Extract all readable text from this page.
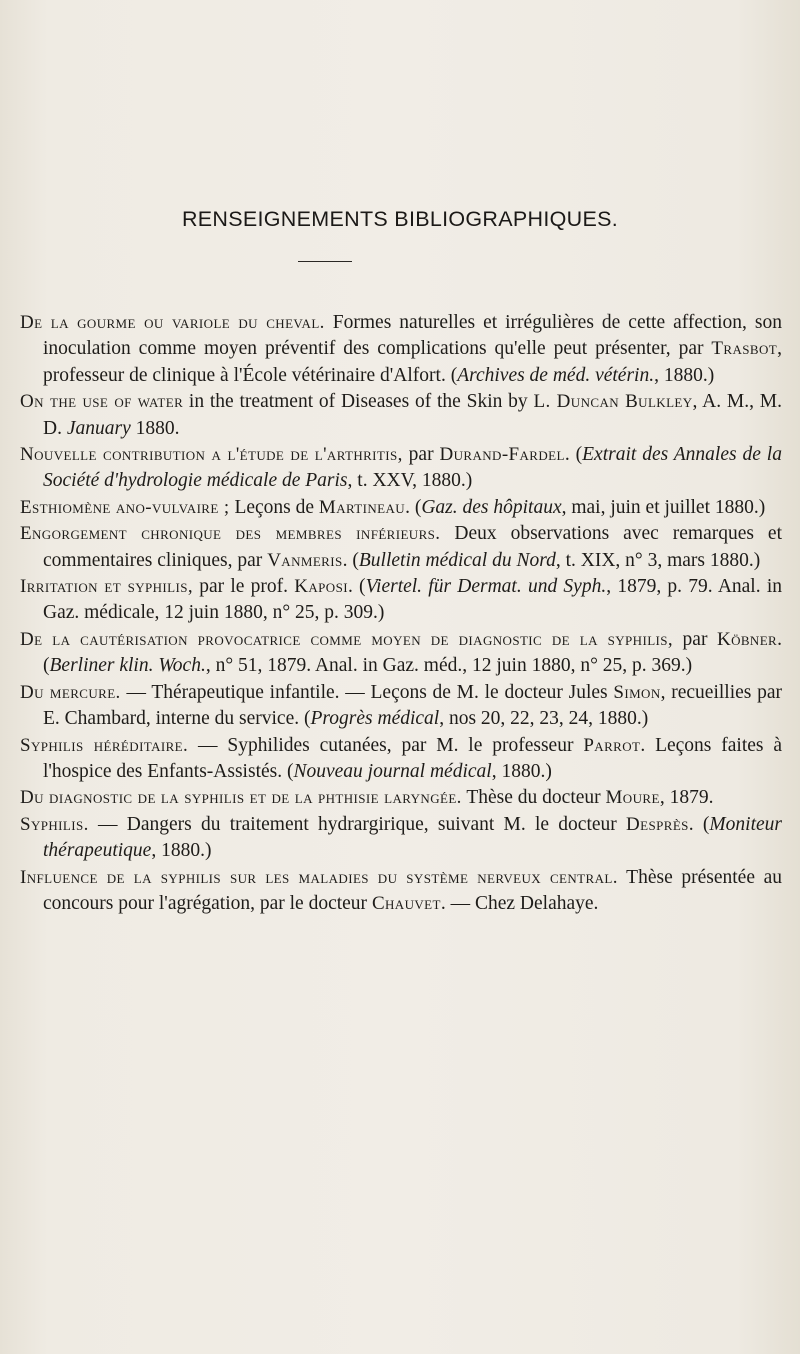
RENSEIGNEMENTS BIBLIOGRAPHIQUES.

De la gourme ou variole du cheval. Formes naturelles et irrégulières de cette affection, son inoculation comme moyen préventif des complications qu'elle peut présenter, par Trasbot, professeur de clinique à l'École vétérinaire d'Alfort. (Archives de méd. vétérin., 1880.)

On the use of water in the treatment of Diseases of the Skin by L. Duncan Bulkley, A. M., M. D. January 1880.

Nouvelle contribution a l'étude de l'arthritis, par Durand-Fardel. (Extrait des Annales de la Société d'hydrologie médicale de Paris, t. XXV, 1880.)

Esthiomène ano-vulvaire ; Leçons de Martineau. (Gaz. des hôpitaux, mai, juin et juillet 1880.)

Engorgement chronique des membres inférieurs. Deux observations avec remarques et commentaires cliniques, par Vanmeris. (Bulletin médical du Nord, t. XIX, n° 3, mars 1880.)

Irritation et syphilis, par le prof. Kaposi. (Viertel. für Dermat. und Syph., 1879, p. 79. Anal. in Gaz. médicale, 12 juin 1880, n° 25, p. 309.)

De la cautérisation provocatrice comme moyen de diagnostic de la syphilis, par Köbner. (Berliner klin. Woch., n° 51, 1879. Anal. in Gaz. méd., 12 juin 1880, n° 25, p. 369.)

Du mercure. — Thérapeutique infantile. — Leçons de M. le docteur Jules Simon, recueillies par E. Chambard, interne du service. (Progrès médical, nos 20, 22, 23, 24, 1880.)

Syphilis héréditaire. — Syphilides cutanées, par M. le professeur Parrot. Leçons faites à l'hospice des Enfants-Assistés. (Nouveau journal médical, 1880.)

Du diagnostic de la syphilis et de la phthisie laryngée. Thèse du docteur Moure, 1879.

Syphilis. — Dangers du traitement hydrargirique, suivant M. le docteur Desprès. (Moniteur thérapeutique, 1880.)

Influence de la syphilis sur les maladies du système nerveux central. Thèse présentée au concours pour l'agrégation, par le docteur Chauvet. — Chez Delahaye.
